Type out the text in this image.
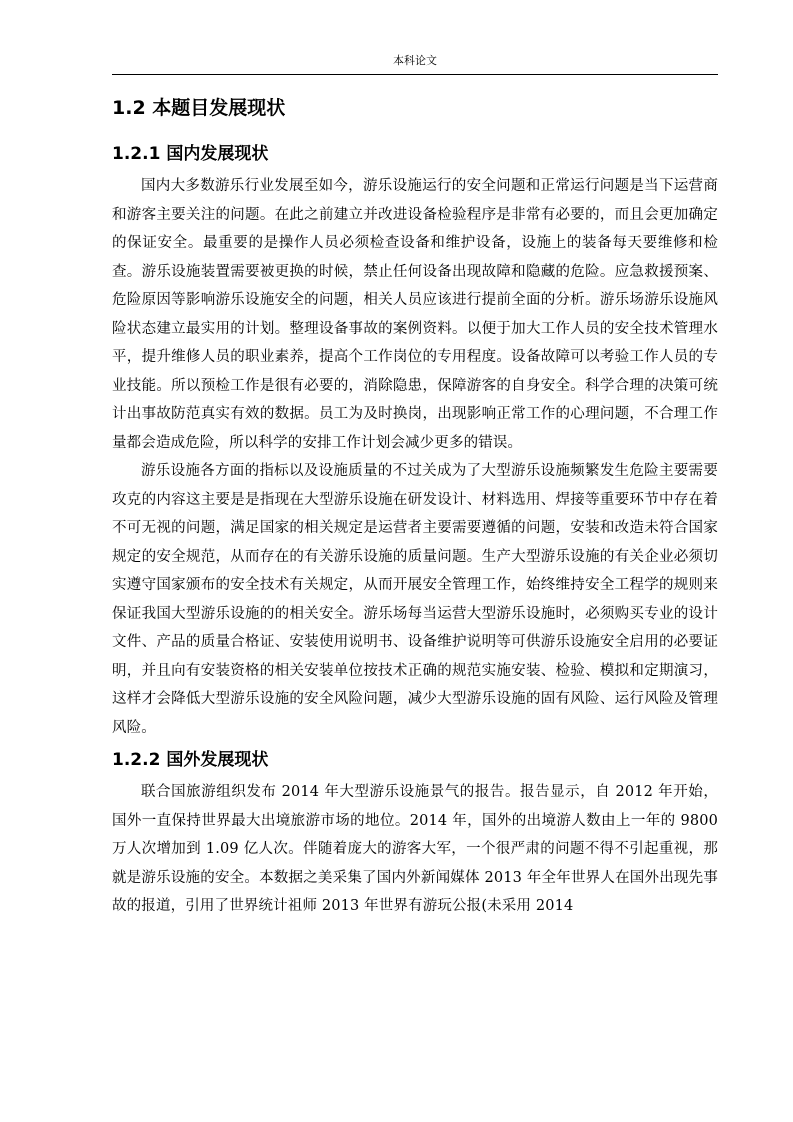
本科论文
1.2 本题目发展现状
1.2.1 国内发展现状

国内大多数游乐行业发展至如今，游乐设施运行的安全问题和正常运行问题是当下运营商和游客主要关注的问题。在此之前建立并改进设备检验程序是非常有必要的，而且会更加确定的保证安全。最重要的是操作人员必须检查设备和维护设备，设施上的装备每天要维修和检查。游乐设施装置需要被更换的时候，禁止任何设备出现故障和隐藏的危险。应急救援预案、危险原因等影响游乐设施安全的问题，相关人员应该进行提前全面的分析。游乐场游乐设施风险状态建立最实用的计划。整理设备事故的案例资料。以便于加大工作人员的安全技术管理水平，提升维修人员的职业素养，提高个工作岗位的专用程度。设备故障可以考验工作人员的专业技能。所以预检工作是很有必要的，消除隐患，保障游客的自身安全。科学合理的决策可统计出事故防范真实有效的数据。员工为及时换岗，出现影响正常工作的心理问题，不合理工作量都会造成危险，所以科学的安排工作计划会减少更多的错误。

游乐设施各方面的指标以及设施质量的不过关成为了大型游乐设施频繁发生危险主要需要攻克的内容这主要是是指现在大型游乐设施在研发设计、材料选用、焊接等重要环节中存在着不可无视的问题，满足国家的相关规定是运营者主要需要遵循的问题，安装和改造未符合国家规定的安全规范，从而存在的有关游乐设施的质量问题。生产大型游乐设施的有关企业必须切实遵守国家颁布的安全技术有关规定，从而开展安全管理工作，始终维持安全工程学的规则来保证我国大型游乐设施的的相关安全。游乐场每当运营大型游乐设施时，必须购买专业的设计文件、产品的质量合格证、安装使用说明书、设备维护说明等可供游乐设施安全启用的必要证明，并且向有安装资格的相关安装单位按技术正确的规范实施安装、检验、模拟和定期演习，这样才会降低大型游乐设施的安全风险问题，减少大型游乐设施的固有风险、运行风险及管理风险。

1.2.2 国外发展现状

联合国旅游组织发布 2014 年大型游乐设施景气的报告。报告显示，自 2012 年开始，国外一直保持世界最大出境旅游市场的地位。2014 年，国外的出境游人数由上一年的 9800 万人次增加到 1.09 亿人次。伴随着庞大的游客大军，一个很严肃的问题不得不引起重视，那就是游乐设施的安全。本数据之美采集了国内外新闻媒体 2013 年全年世界人在国外出现先事故的报道，引用了世界统计祖师 2013 年世界有游玩公报(未采用 2014
